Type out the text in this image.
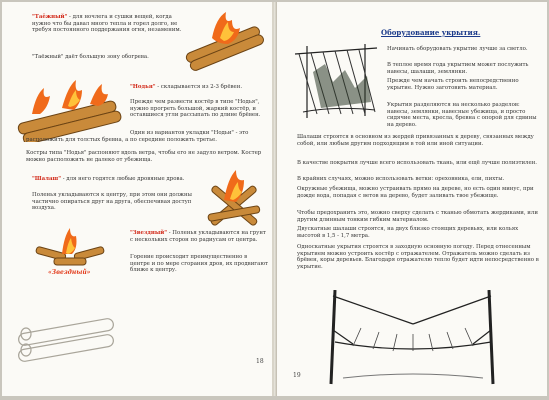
"Таёжный" - для ночлега и сушки вещей, когда нужно что бы давал много тепла и горел долго, не требуя постоянного поддержания огня, незаменим.
"Таёжный" даёт большую зону обогрева.
"Нодья" - складывается из 2-3 брёвен.
Прежде чем развести костёр в типе "Нодья", нужно прогреть большой, жаркий костёр, и оставшиеся угли рассыпать по длине брёвен.
Один из вариантов укладки "Нодьи" - это расположить для толстых бревна, а по середине положить третье.
Костры типа "Нодья" распоняют вдоль ветра, чтобы его не задуло ветром. Костер можно расположить не далеко от убежища.
"Шалаш" - для него годятся любые дровяные дрова.
Поленья укладываются к центру, при этом они должны частично опираться друг на друга, обеспечивая доступ воздуха.
«Звездный»
"Звездный" - Поленья укладываются на грунт с нескольких сторон по радиусам от центра.
Горение происходит преимущественно в центре и по мере сгорания дров, их продвигают ближе к центру.
18
Оборудование укрытия.
Начинать оборудовать укрытие лучше за светло.
В теплое время года укрытием может послужить навесы, шалаши, землянки.
Прежде чем начать строить непосредственно укрытие. Нужно заготовить материал.
Укрытия разделяются на несколько разделов: навесы, землянки, навесные убежища, и просто сидячие места, кресла, бревна с опорой для сдвины на дерево.
Шалаши строятся в основном из жердей привязанных к дереву, связанных между собой, или любым другим подходящим в той или иной ситуации.
В качестве покрытия лучше всего использовать ткань, или ещё лучше полиэтилен.
В крайних случаях, можно использовать ветки: ореховника, ели, пихты.
Окружные убежища, можно устраивать прямо на дереве, но есть один минус, при дожде вода, попадая с ветов на дерево, будет заливать твое убежище.
Чтобы предохранить это, можно сверху сделать с тканью обмотать жердиками, или другим длинным тонким гибким материалом.
Двускатные шалаши строятся, на двух близко стоящих деревьях, или кольях высотой в 1,5 - 1,7 метра.
Односкатные укрытия строятся в заходную основную погоду. Перед отнесенным укрытием можно устроить костёр с отражателем. Отражатель можно сделать из брёвен, коры деревьев. Благодаря отражателю тепло будет идти непосредственно в укрытие.
19
